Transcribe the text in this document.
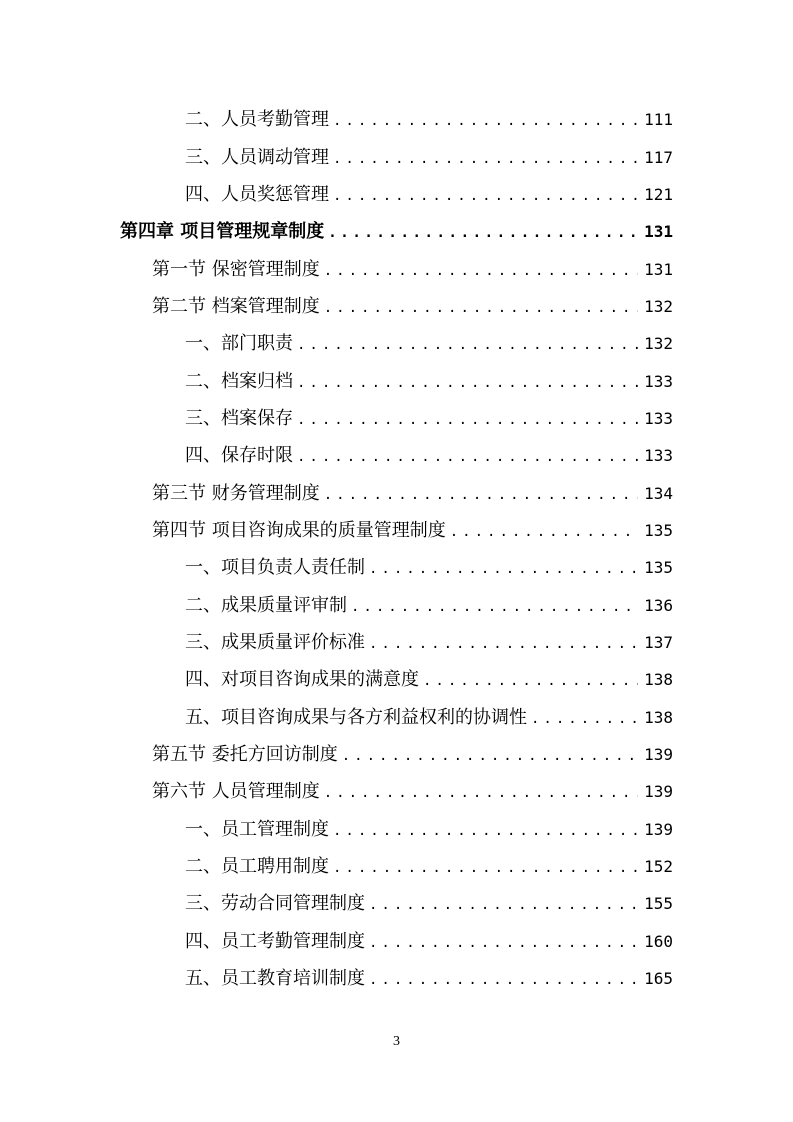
二、人员考勤管理 .....	111
三、人员调动管理 .....	117
四、人员奖惩管理 .....	121
第四章 项目管理规章制度 .....	131
第一节 保密管理制度 .....	131
第二节 档案管理制度 .....	132
一、部门职责 .....	132
二、档案归档 .....	133
三、档案保存 .....	133
四、保存时限 .....	133
第三节 财务管理制度 .....	134
第四节 项目咨询成果的质量管理制度 .....	135
一、项目负责人责任制 .....	135
二、成果质量评审制 .....	136
三、成果质量评价标准 .....	137
四、对项目咨询成果的满意度 .....	138
五、项目咨询成果与各方利益权利的协调性 .....	138
第五节 委托方回访制度 .....	139
第六节 人员管理制度 .....	139
一、员工管理制度 .....	139
二、员工聘用制度 .....	152
三、劳动合同管理制度 .....	155
四、员工考勤管理制度 .....	160
五、员工教育培训制度 .....	165
3
